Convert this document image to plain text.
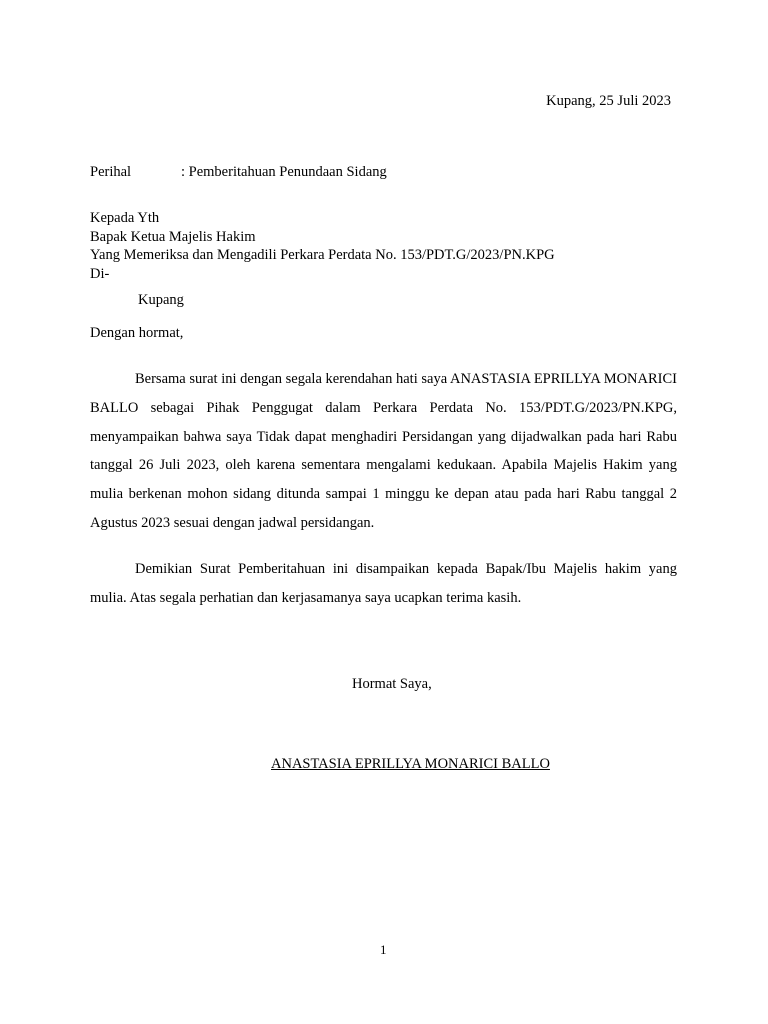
Kupang, 25 Juli 2023
Perihal	: Pemberitahuan Penundaan Sidang
Kepada Yth
Bapak Ketua Majelis Hakim
Yang Memeriksa dan Mengadili Perkara Perdata No. 153/PDT.G/2023/PN.KPG
Di-
Kupang
Dengan hormat,
Bersama surat ini dengan segala kerendahan hati saya ANASTASIA EPRILLYA MONARICI BALLO sebagai Pihak Penggugat dalam Perkara Perdata No. 153/PDT.G/2023/PN.KPG, menyampaikan bahwa saya Tidak dapat menghadiri Persidangan yang dijadwalkan pada hari Rabu tanggal 26 Juli 2023, oleh karena sementara mengalami kedukaan. Apabila Majelis Hakim yang mulia berkenan mohon sidang ditunda sampai 1 minggu ke depan atau pada hari Rabu tanggal 2 Agustus 2023 sesuai dengan jadwal persidangan.
Demikian Surat Pemberitahuan ini disampaikan kepada Bapak/Ibu Majelis hakim yang mulia. Atas segala perhatian dan kerjasamanya saya ucapkan terima kasih.
Hormat Saya,
ANASTASIA EPRILLYA MONARICI BALLO
1
